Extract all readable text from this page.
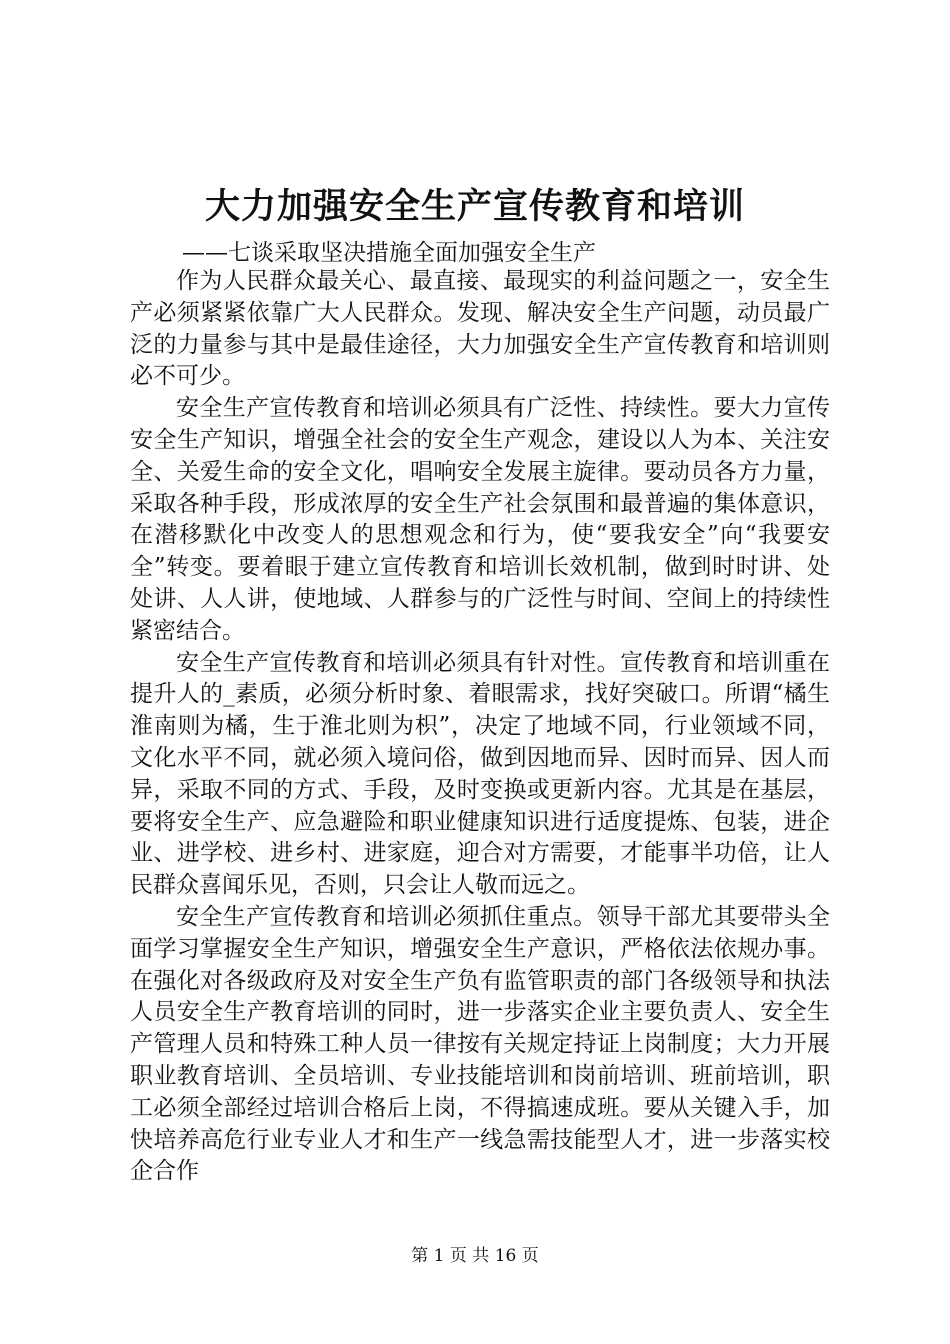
大力加强安全生产宣传教育和培训
——七谈采取坚决措施全面加强安全生产

作为人民群众最关心、最直接、最现实的利益问题之一，安全生产必须紧紧依靠广大人民群众。发现、解决安全生产问题，动员最广泛的力量参与其中是最佳途径，大力加强安全生产宣传教育和培训则必不可少。

安全生产宣传教育和培训必须具有广泛性、持续性。要大力宣传安全生产知识，增强全社会的安全生产观念，建设以人为本、关注安全、关爱生命的安全文化，唱响安全发展主旋律。要动员各方力量，采取各种手段，形成浓厚的安全生产社会氛围和最普遍的集体意识，在潜移默化中改变人的思想观念和行为，使“要我安全”向“我要安全”转变。要着眼于建立宣传教育和培训长效机制，做到时时讲、处处讲、人人讲，使地域、人群参与的广泛性与时间、空间上的持续性紧密结合。

安全生产宣传教育和培训必须具有针对性。宣传教育和培训重在提升人的_素质，必须分析时象、着眼需求，找好突破口。所谓“橘生淮南则为橘，生于淮北则为枳”，决定了地域不同，行业领域不同，文化水平不同，就必须入境问俗，做到因地而异、因时而异、因人而异，采取不同的方式、手段，及时变换或更新内容。尤其是在基层，要将安全生产、应急避险和职业健康知识进行适度提炼、包装，进企业、进学校、进乡村、进家庭，迎合对方需要，才能事半功倍，让人民群众喜闻乐见，否则，只会让人敬而远之。

安全生产宣传教育和培训必须抓住重点。领导干部尤其要带头全面学习掌握安全生产知识，增强安全生产意识，严格依法依规办事。在强化对各级政府及对安全生产负有监管职责的部门各级领导和执法人员安全生产教育培训的同时，进一步落实企业主要负责人、安全生产管理人员和特殊工种人员一律按有关规定持证上岗制度；大力开展职业教育培训、全员培训、专业技能培训和岗前培训、班前培训，职工必须全部经过培训合格后上岗，不得搞速成班。要从关键入手，加快培养高危行业专业人才和生产一线急需技能型人才，进一步落实校企合作

第 1 页 共 16 页
